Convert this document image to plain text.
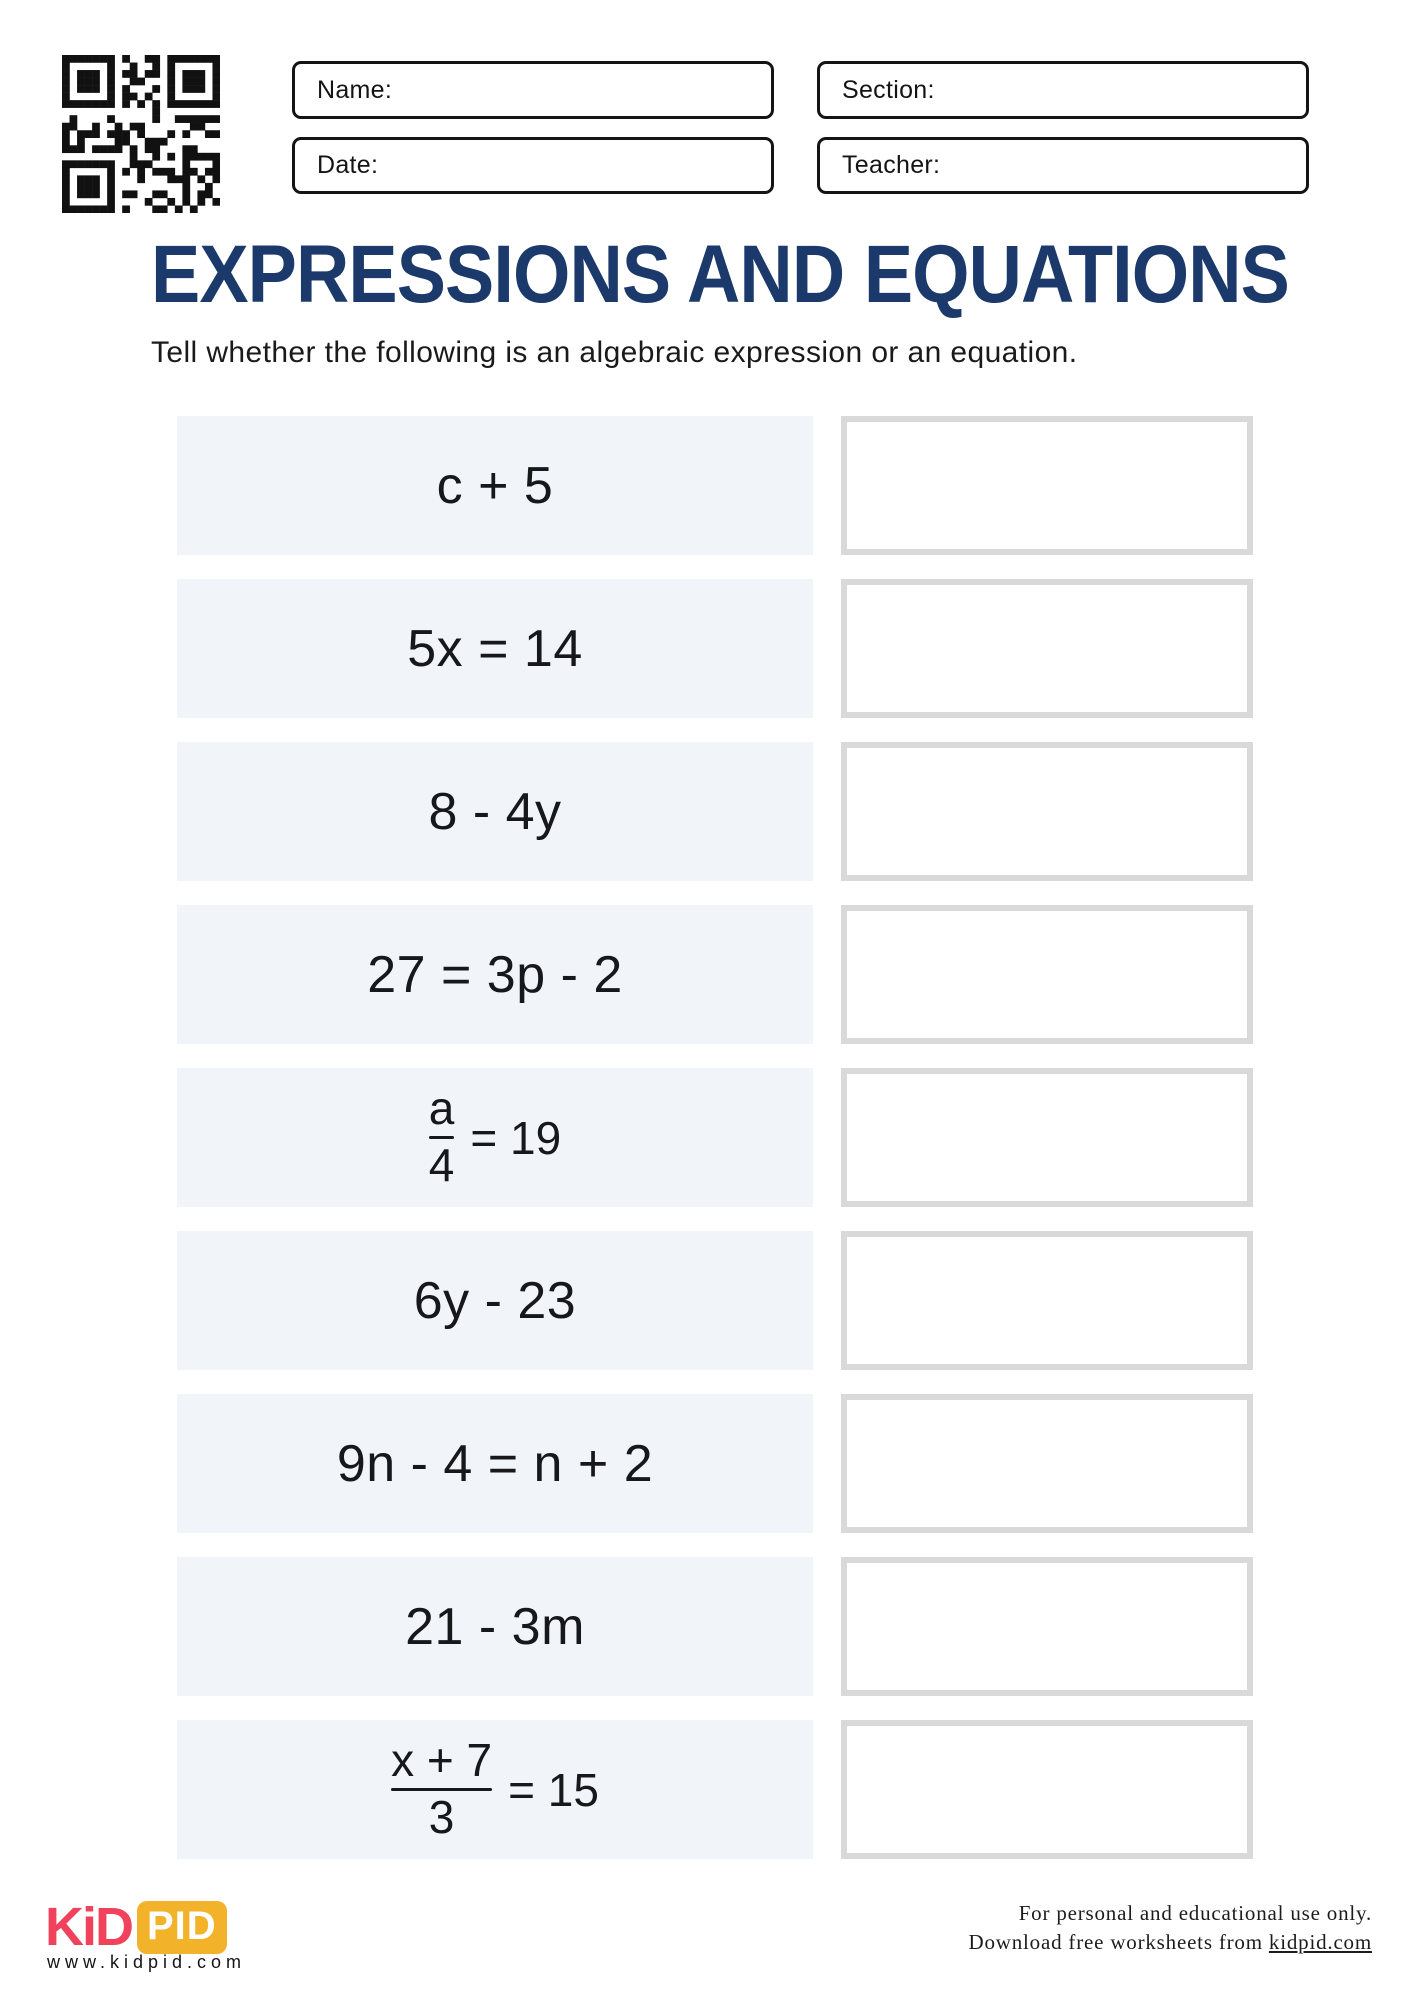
Name:	Section:
Date:	Teacher:
EXPRESSIONS AND EQUATIONS
Tell whether the following is an algebraic expression or an equation.
c + 5
5x = 14
8 - 4y
27 = 3p - 2
$\frac{a}{4} = 19$
6y - 23
9n - 4 = n + 2
21 - 3m
$\frac{x + 7}{3} = 15$
KiD PID
www.kidpid.com
For personal and educational use only.
Download free worksheets from kidpid.com
